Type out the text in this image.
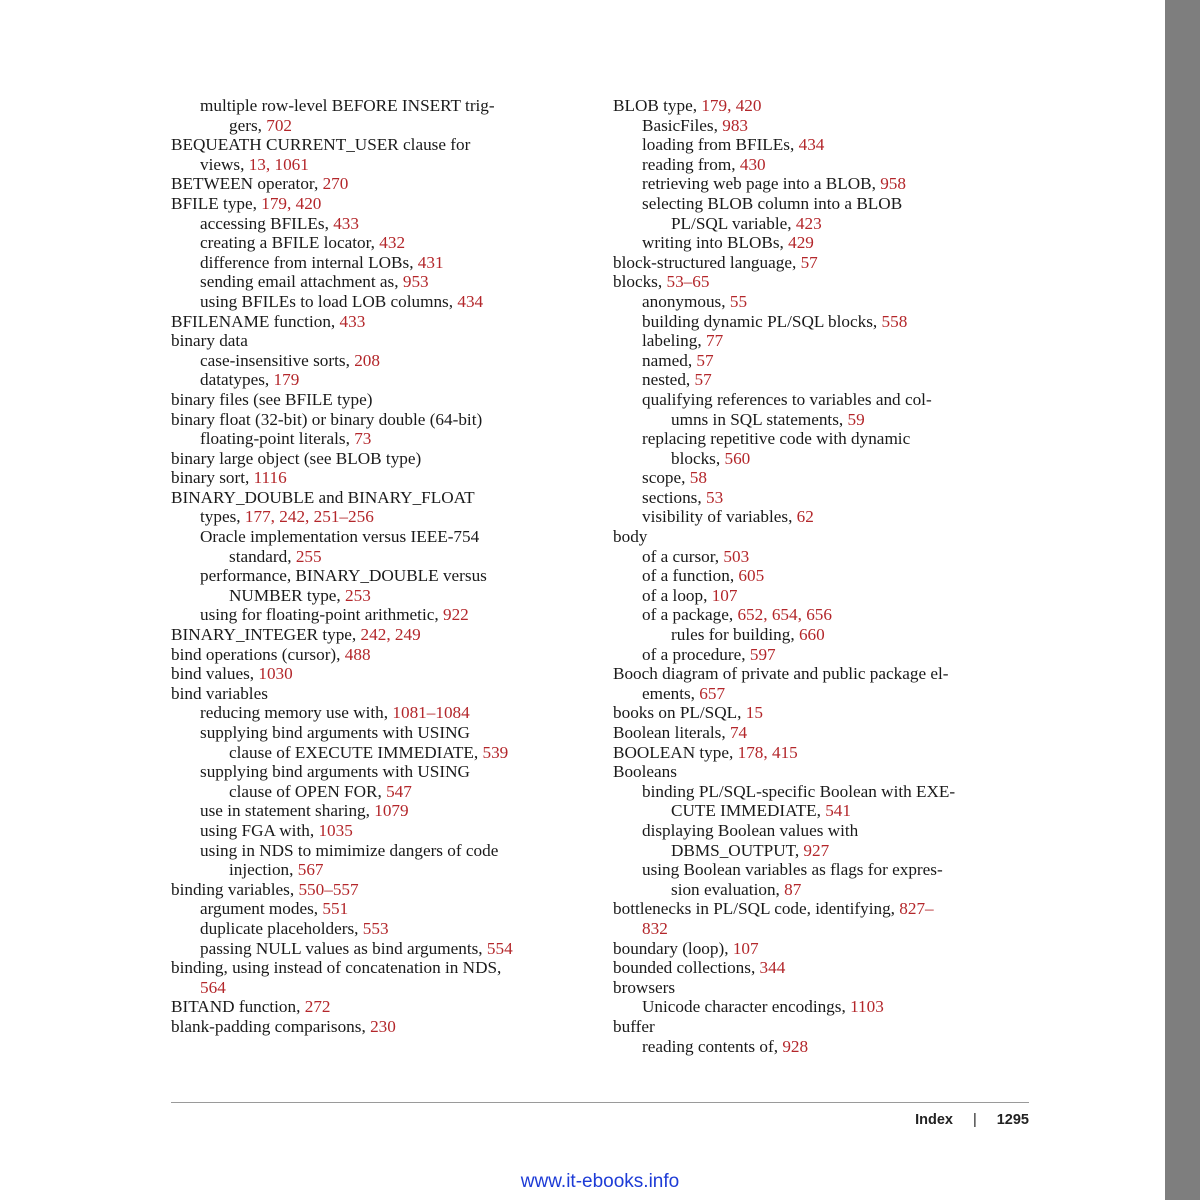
multiple row-level BEFORE INSERT trig-
gers, 702
BEQUEATH CURRENT_USER clause for
views, 13, 1061
BETWEEN operator, 270
BFILE type, 179, 420
accessing BFILEs, 433
creating a BFILE locator, 432
difference from internal LOBs, 431
sending email attachment as, 953
using BFILEs to load LOB columns, 434
BFILENAME function, 433
binary data
case-insensitive sorts, 208
datatypes, 179
binary files (see BFILE type)
binary float (32-bit) or binary double (64-bit)
floating-point literals, 73
binary large object (see BLOB type)
binary sort, 1116
BINARY_DOUBLE and BINARY_FLOAT
types, 177, 242, 251–256
Oracle implementation versus IEEE-754
standard, 255
performance, BINARY_DOUBLE versus
NUMBER type, 253
using for floating-point arithmetic, 922
BINARY_INTEGER type, 242, 249
bind operations (cursor), 488
bind values, 1030
bind variables
reducing memory use with, 1081–1084
supplying bind arguments with USING
clause of EXECUTE IMMEDIATE, 539
supplying bind arguments with USING
clause of OPEN FOR, 547
use in statement sharing, 1079
using FGA with, 1035
using in NDS to mimimize dangers of code
injection, 567
binding variables, 550–557
argument modes, 551
duplicate placeholders, 553
passing NULL values as bind arguments, 554
binding, using instead of concatenation in NDS,
564
BITAND function, 272
blank-padding comparisons, 230
BLOB type, 179, 420
BasicFiles, 983
loading from BFILEs, 434
reading from, 430
retrieving web page into a BLOB, 958
selecting BLOB column into a BLOB
PL/SQL variable, 423
writing into BLOBs, 429
block-structured language, 57
blocks, 53–65
anonymous, 55
building dynamic PL/SQL blocks, 558
labeling, 77
named, 57
nested, 57
qualifying references to variables and col-
umns in SQL statements, 59
replacing repetitive code with dynamic
blocks, 560
scope, 58
sections, 53
visibility of variables, 62
body
of a cursor, 503
of a function, 605
of a loop, 107
of a package, 652, 654, 656
rules for building, 660
of a procedure, 597
Booch diagram of private and public package el-
ements, 657
books on PL/SQL, 15
Boolean literals, 74
BOOLEAN type, 178, 415
Booleans
binding PL/SQL-specific Boolean with EXE-
CUTE IMMEDIATE, 541
displaying Boolean values with
DBMS_OUTPUT, 927
using Boolean variables as flags for expres-
sion evaluation, 87
bottlenecks in PL/SQL code, identifying, 827–
832
boundary (loop), 107
bounded collections, 344
browsers
Unicode character encodings, 1103
buffer
reading contents of, 928
Index | 1295
www.it-ebooks.info
